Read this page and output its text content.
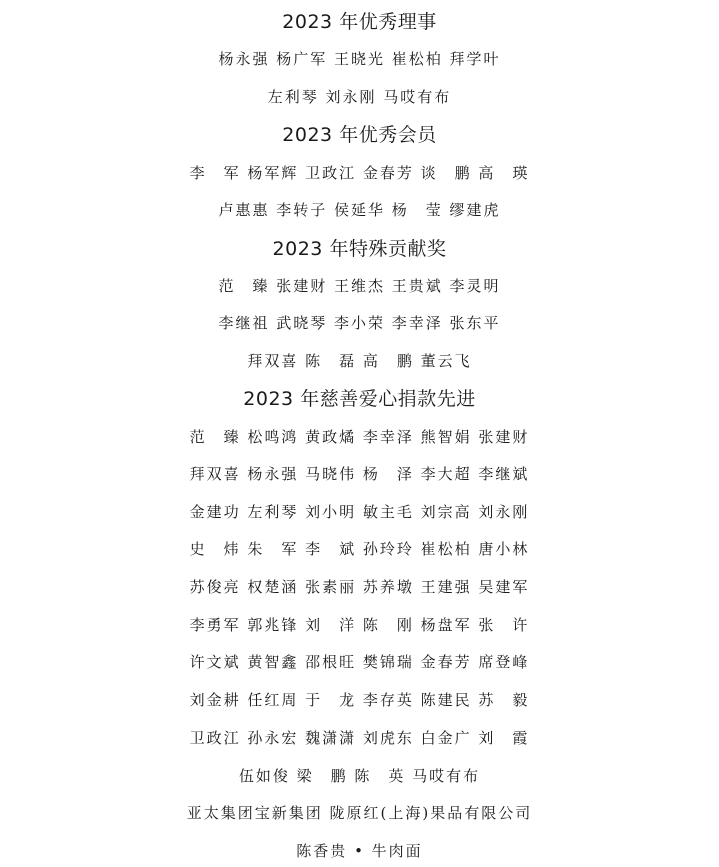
2023 年优秀理事
杨永强 杨广军 王晓光 崔松柏 拜学叶
左利琴 刘永刚 马哎有布
2023 年优秀会员
李　军 杨军辉 卫政江 金春芳 谈　鹏 高　瑛
卢惠惠 李转子 侯延华 杨　莹 缪建虎
2023 年特殊贡献奖
范　臻 张建财 王维杰 王贵斌 李灵明
李继祖 武晓琴 李小荣 李幸泽 张东平
拜双喜 陈　磊 高　鹏 董云飞
2023 年慈善爱心捐款先进
范　臻 松鸣鸿 黄政燏 李幸泽 熊智娟 张建财
拜双喜 杨永强 马晓伟 杨　泽 李大超 李继斌
金建功 左利琴 刘小明 敏主毛 刘宗高 刘永刚
史　炜 朱　军 李　斌 孙玲玲 崔松柏 唐小林
苏俊亮 权楚涵 张素丽 苏养墩 王建强 吴建军
李勇军 郭兆锋 刘　洋 陈　刚 杨盘军 张　许
许文斌 黄智鑫 邵根旺 樊锦瑞 金春芳 席登峰
刘金耕 任红周 于　龙 李存英 陈建民 苏　毅
卫政江 孙永宏 魏潇潇 刘虎东 白金广 刘　霞
伍如俊 梁　鹏 陈　英 马哎有布
亚太集团宝新集团 陇原红(上海)果品有限公司
陈香贵 • 牛肉面
